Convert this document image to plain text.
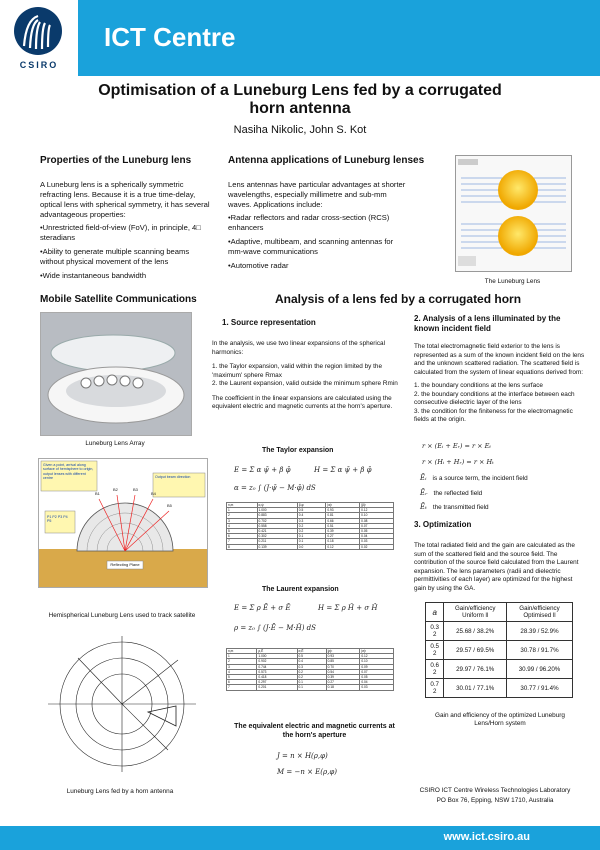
CSIRO
ICT Centre
Optimisation of a Luneburg Lens fed by a corrugated horn antenna
Nasiha Nikolic, John S. Kot
Properties of the Luneburg lens
A Luneburg lens is a spherically symmetric refracting lens. Because it is a true time-delay, optical lens with spherical symmetry, it has several advantageous properties:
•Unrestricted field-of-view (FoV), in principle, 4□ steradians
•Ability to generate multiple scanning beams without physical movement of the lens
•Wide instantaneous bandwidth
Antenna applications of Luneburg lenses
Lens antennas have particular advantages at shorter wavelengths, especially millimetre and sub-mm waves. Applications include:
•Radar reflectors and radar cross-section (RCS) enhancers
•Adaptive, multibeam, and scanning antennas for mm-wave communications
•Automotive radar
The Luneburg Lens
Mobile Satellite Communications
Luneburg Lens Array
Given a point, arrival along surface of hemisphere to origin, output lenses with different centre	Output beam direction
P1 P2 P3 P4 P5
B1
B2	B3
B4
B5
Reflecting Plane
Hemispherical Luneburg Lens used to track satellite
Luneburg Lens fed by a horn antenna
Analysis of a lens fed by a corrugated horn
1. Source representation
In the analysis, we use two linear expansions of the spherical harmonics:
1. the Taylor expansion, valid within the region limited by the 'maximum' sphere Rmax
2. the Laurent expansion, valid outside the minimum sphere Rmin
The coefficient in the linear expansions are calculated using the equivalent electric and magnetic currents at the horn's aperture.
The Taylor expansion
E = Σ α ψ̄ + β φ̄	H = Σ α ψ̄ + β φ̄
α = z₀ ∫ (J·ψ̄ − M·φ̄) dS
n,m	α,ψ	β,φ	|α|²	|β|²
1	1.000	0.5	0.93	0.12
2	0.883	0.4	0.81	0.10
3	0.702	0.3	0.66	0.08
4	0.558	0.2	0.51	0.07
5	0.421	0.2	0.39	0.05
6	0.302	0.1	0.27	0.04
7	0.211	0.1	0.18	0.03
8	0.139	0.0	0.12	0.02
The Laurent expansion
E = Σ ρ Ē + σ Ē	H = Σ ρ Ĥ + σ Ĥ
ρ = z₀ ∫ (J·Ē − M·Ĥ) dS
n,m	ρ,Ē	σ,Ē	|ρ|²	|σ|²
1	1.000	0.5	0.93	0.12
2	0.902	0.4	0.85	0.10
3	0.744	0.3	0.70	0.09
4	0.573	0.2	0.54	0.07
5	0.418	0.2	0.39	0.05
6	0.297	0.1	0.27	0.04
7	0.201	0.1	0.18	0.03
The equivalent electric and magnetic currents at the horn's aperture
J = n × H(ρ,φ)
M = −n × E(ρ,φ)
2. Analysis of a lens illuminated by the known incident field
The total electromagnetic field exterior to the lens is represented as a sum of the known incident field on the lens and the unknown scattered radiation. The scattered field is calculated from the system of linear equations derived from:
1. the boundary conditions at the lens surface
2. the boundary conditions at the interface between each consecutive dielectric layer of the lens
3. the condition for the finiteness for the electromagnetic fields at the origin.
r × (Eᵢ + Eᵣ) = r × Eₜ
r × (Hᵢ + Hᵣ) = r × Hₜ
Ēᵢ is a source term, the incident field
Ēᵣ the reflected field
Ēₜ the transmitted field
3. Optimization
The total radiated field and the gain are calculated as the sum of the scattered field and the source field. The contribution of the source field calculated from the Laurent expansion. The lens parameters (radii and dielectric permittivities of each layer) are optimized for the highest gain by using the GA.
a	Gain/efficiency Uniform ll	Gain/efficiency Optimised ll
0.3 2	25.68 / 38.2%	28.39 / 52.9%
0.5 2	29.57 / 69.5%	30.78 / 91.7%
0.6 2	29.97 / 76.1%	30.99 / 96.20%
0.7 2	30.01 / 77.1%	30.77 / 91.4%
Gain and efficiency of the optimized Luneburg Lens/Horn system
CSIRO ICT Centre Wireless Technologies Laboratory
PO Box 76, Epping, NSW 1710, Australia
www.ict.csiro.au
